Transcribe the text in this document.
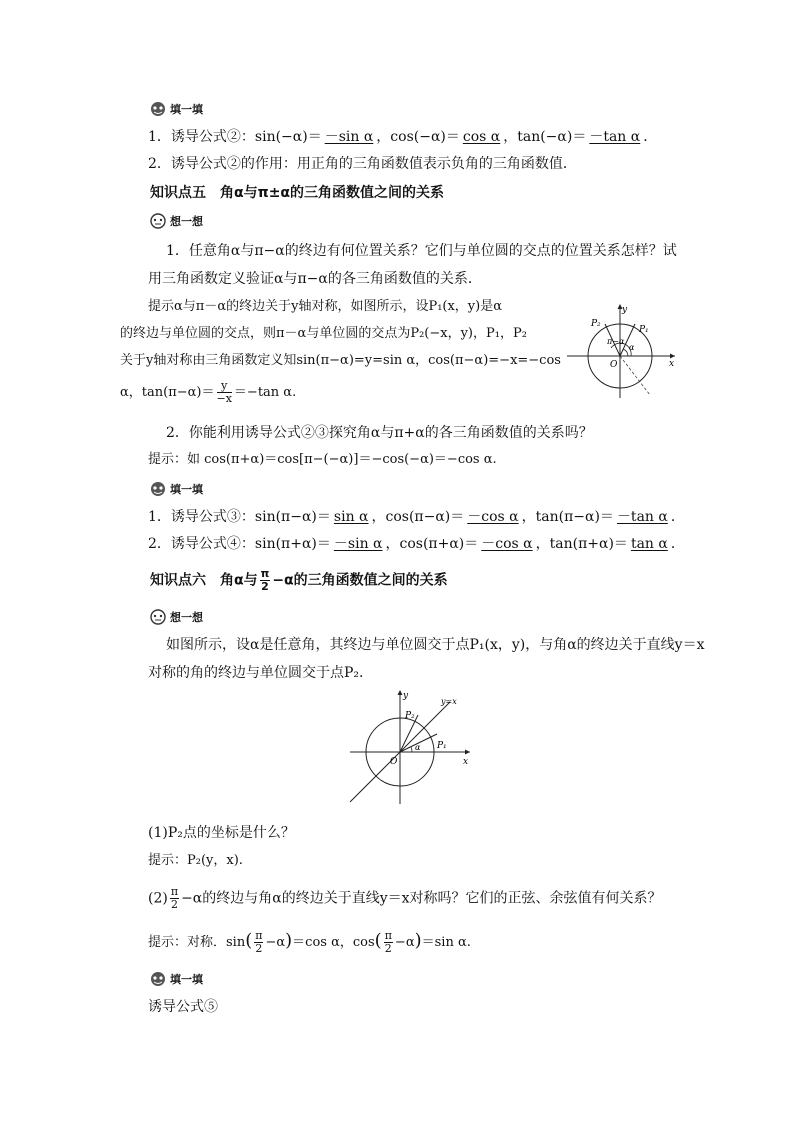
填一填
1．诱导公式②：sin(−α)＝ －sin α ，cos(−α)＝ cos α ，tan(−α)＝ －tan α ．
2．诱导公式②的作用：用正角的三角函数值表示负角的三角函数值．
知识点五　角α与π±α的三角函数值之间的关系
想一想
1．任意角α与π−α的终边有何位置关系？它们与单位圆的交点的位置关系怎样？试
用三角函数定义验证α与π−α的各三角函数值的关系．
提示α与π－α的终边关于y轴对称，如图所示，设P₁(x，y)是α
的终边与单位圆的交点，则π－α与单位圆的交点为P₂(−x，y)，P₁，P₂
关于y轴对称由三角函数定义知sin(π−α)=y=sin α，cos(π−α)=−x=−cos
α，$\tan(\pi-\alpha)= \frac{y}{-x} =-\tan$ α.
y
x
O
P₁
P₂
π−α
α
2．你能利用诱导公式②③探究角α与π+α的各三角函数值的关系吗？
提示：如 cos(π+α)＝cos[π−(−α)]＝−cos(−α)＝−cos α.
填一填
1．诱导公式③：sin(π−α)＝ sin α ，cos(π−α)＝ －cos α ，tan(π−α)＝ －tan α ．
2．诱导公式④：sin(π+α)＝ －sin α ，cos(π+α)＝ －cos α ，tan(π+α)＝ tan α ．
知识点六　角α与 $\frac{\pi}{2} -\alpha$的三角函数值之间的关系
想一想
如图所示，设α是任意角，其终边与单位圆交于点P₁(x，y)，与角α的终边关于直线y＝x
对称的角的终边与单位圆交于点P₂.
y
x
O
P₁
P₂
y=x
α
(1)P₂点的坐标是什么？
提示：P₂(y，x).
$(2) \frac{\pi}{2} -\alpha$的终边与角α的终边关于直线y＝x对称吗？它们的正弦、余弦值有何关系？
提示：对称．$\sin( \frac{\pi}{2} -\alpha)=\cos$ α，$\cos( \frac{\pi}{2} -\alpha)=\sin$ α.
填一填
诱导公式⑤
